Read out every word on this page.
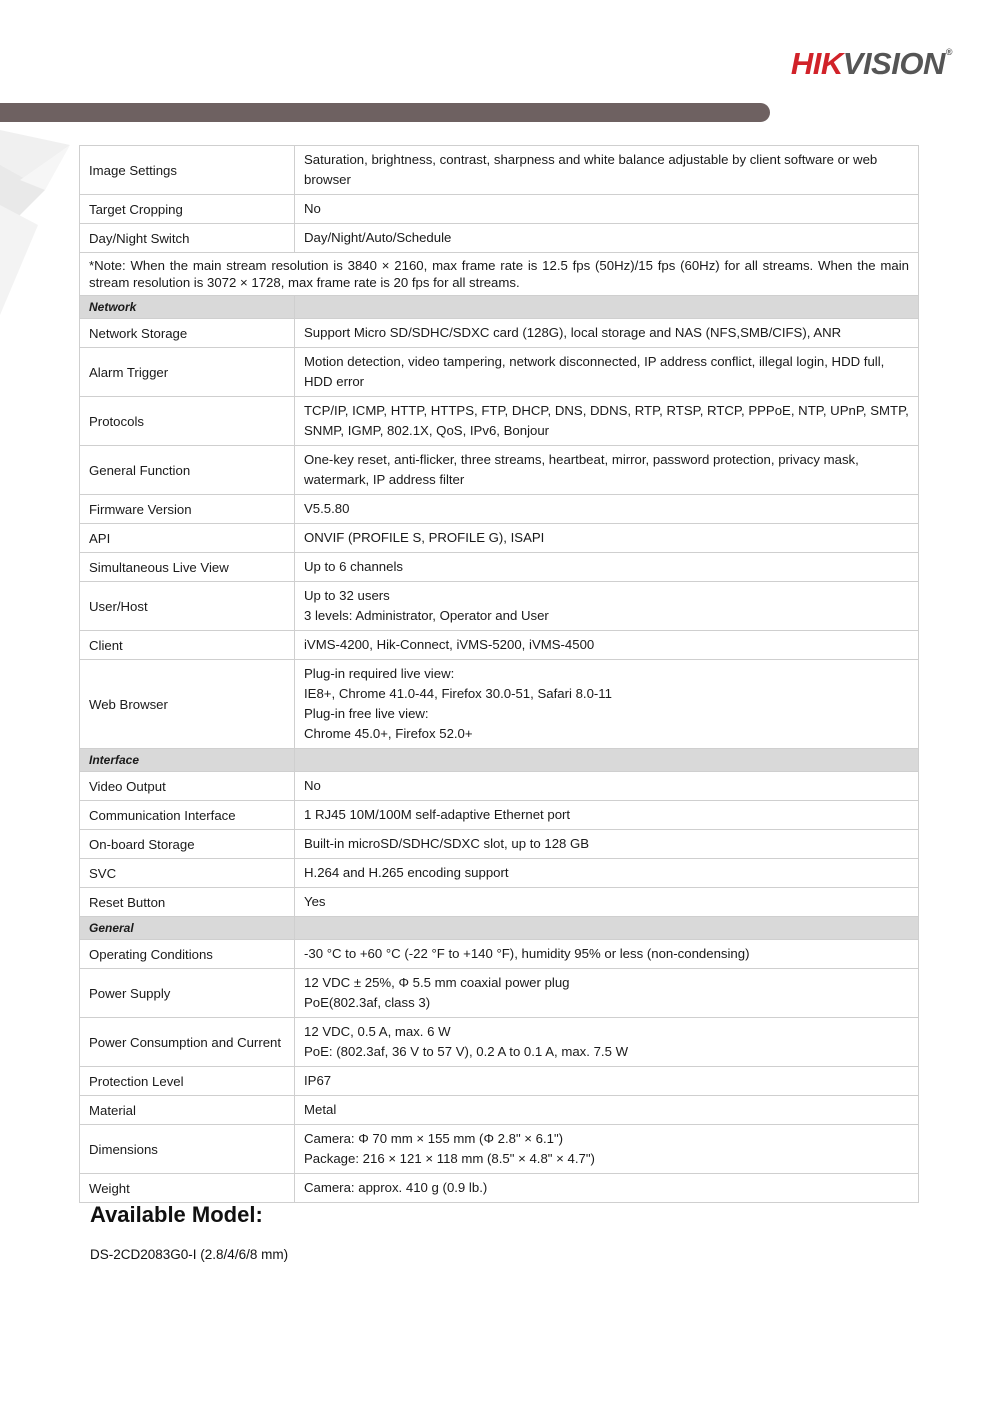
HIKVISION®
Image Settings	Saturation, brightness, contrast, sharpness and white balance adjustable by client software or web browser

Target Cropping	No

Day/Night Switch	Day/Night/Auto/Schedule

*Note: When the main stream resolution is 3840 × 2160, max frame rate is 12.5 fps (50Hz)/15 fps (60Hz) for all streams. When the main stream resolution is 3072 × 1728, max frame rate is 20 fps for all streams.	
Network	
Network Storage	Support Micro SD/SDHC/SDXC card (128G), local storage and NAS (NFS,SMB/CIFS), ANR

Alarm Trigger	Motion detection, video tampering, network disconnected, IP address conflict, illegal login, HDD full, HDD error

Protocols	TCP/IP, ICMP, HTTP, HTTPS, FTP, DHCP, DNS, DDNS, RTP, RTSP, RTCP, PPPoE, NTP, UPnP, SMTP, SNMP, IGMP, 802.1X, QoS, IPv6, Bonjour

General Function	One-key reset, anti-flicker, three streams, heartbeat, mirror, password protection, privacy mask, watermark, IP address filter

Firmware Version	V5.5.80

API	ONVIF (PROFILE S, PROFILE G), ISAPI

Simultaneous Live View	Up to 6 channels

User/Host	Up to 32 users
3 levels: Administrator, Operator and User

Client	iVMS-4200, Hik-Connect, iVMS-5200, iVMS-4500

Web Browser	Plug-in required live view:
IE8+, Chrome 41.0-44, Firefox 30.0-51, Safari 8.0-11
Plug-in free live view:
Chrome 45.0+, Firefox 52.0+

Interface	
Video Output	No

Communication Interface	1 RJ45 10M/100M self-adaptive Ethernet port

On-board Storage	Built-in microSD/SDHC/SDXC slot, up to 128 GB

SVC	H.264 and H.265 encoding support

Reset Button	Yes

General	
Operating Conditions	-30 °C to +60 °C (-22 °F to +140 °F), humidity 95% or less (non-condensing)

Power Supply	12 VDC ± 25%, Φ 5.5 mm coaxial power plug
PoE(802.3af, class 3)

Power Consumption and Current	12 VDC, 0.5 A, max. 6 W
PoE: (802.3af, 36 V to 57 V), 0.2 A to 0.1 A, max. 7.5 W

Protection Level	IP67

Material	Metal

Dimensions	Camera: Φ 70 mm × 155 mm (Φ 2.8" × 6.1")
Package: 216 × 121 × 118 mm (8.5" × 4.8" × 4.7")

Weight	Camera: approx. 410 g (0.9 lb.)
Available Model:
DS-2CD2083G0-I (2.8/4/6/8 mm)
